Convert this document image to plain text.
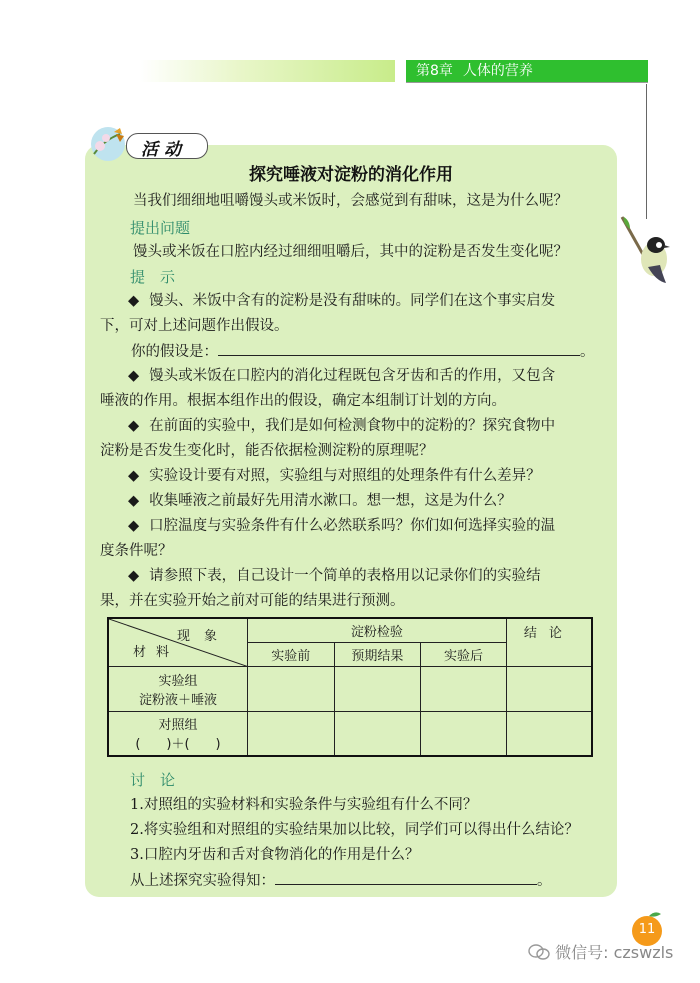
第8章 　 人体的营养
活动
探究唾液对淀粉的消化作用
当我们细细地咀嚼馒头或米饭时，会感觉到有甜味，这是为什么呢？
提出问题
馒头或米饭在口腔内经过细细咀嚼后，其中的淀粉是否发生变化呢？
提　示
◆ 馒头、米饭中含有的淀粉是没有甜味的。同学们在这个事实启发
下，可对上述问题作出假设。
你的假设是：	。
◆ 馒头或米饭在口腔内的消化过程既包含牙齿和舌的作用，又包含
唾液的作用。根据本组作出的假设，确定本组制订计划的方向。
◆ 在前面的实验中，我们是如何检测食物中的淀粉的？探究食物中
淀粉是否发生变化时，能否依据检测淀粉的原理呢？
◆ 实验设计要有对照，实验组与对照组的处理条件有什么差异？
◆ 收集唾液之前最好先用清水漱口。想一想，这是为什么？
◆ 口腔温度与实验条件有什么必然联系吗？你们如何选择实验的温
度条件呢？
◆ 请参照下表，自己设计一个简单的表格用以记录你们的实验结
果，并在实验开始之前对可能的结果进行预测。
现象
材料	淀粉检验			结论
	实验前	预期结果	实验后	

实验组
淀粉液＋唾液				

对照组
(　　)＋(　　)				

讨　论
1.对照组的实验材料和实验条件与实验组有什么不同？
2.将实验组和对照组的实验结果加以比较，同学们可以得出什么结论？
3.口腔内牙齿和舌对食物消化的作用是什么？
从上述探究实验得知：	。
11
微信号: czswzls
